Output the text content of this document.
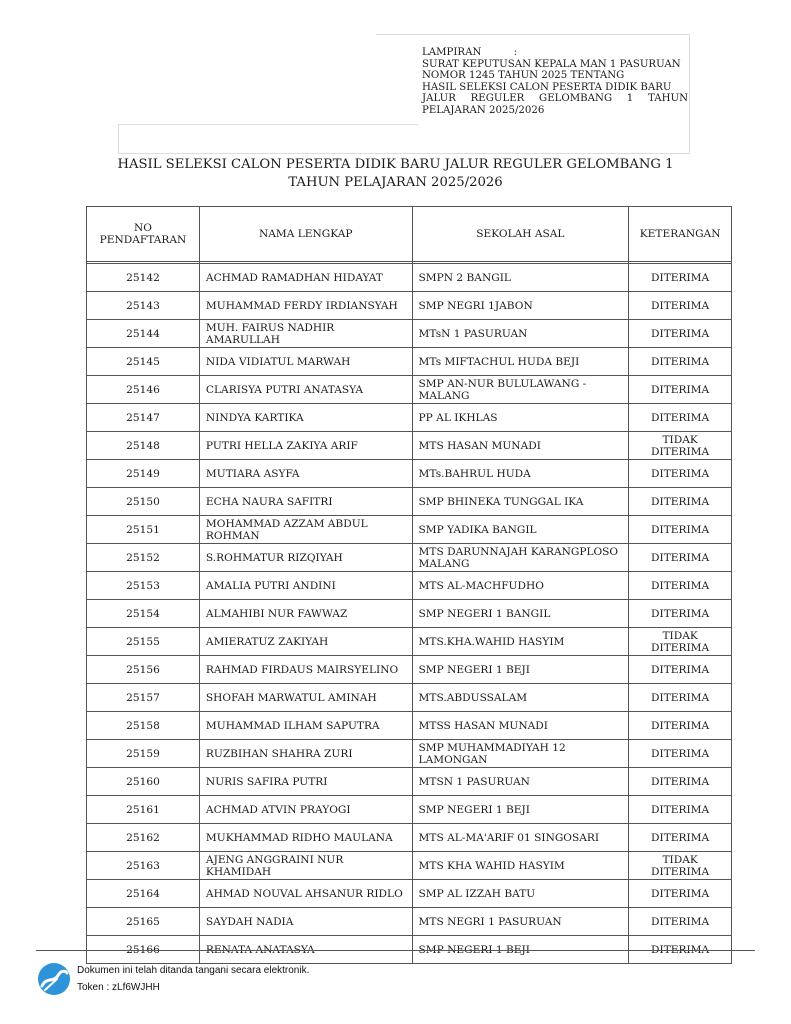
LAMPIRAN          :
SURAT KEPUTUSAN KEPALA MAN 1 PASURUAN
NOMOR 1245 TAHUN 2025 TENTANG
HASIL SELEKSI CALON PESERTA DIDIK BARU
JALUR REGULER GELOMBANG 1 TAHUN
PELAJARAN 2025/2026
HASIL SELEKSI CALON PESERTA DIDIK BARU JALUR REGULER GELOMBANG 1
TAHUN PELAJARAN 2025/2026
NO
PENDAFTARAN	NAMA LENGKAP	SEKOLAH ASAL	KETERANGAN

25142	ACHMAD RAMADHAN HIDAYAT	SMPN 2 BANGIL	DITERIMA
25143	MUHAMMAD FERDY IRDIANSYAH	SMP NEGRI 1JABON	DITERIMA
25144	MUH. FAIRUS NADHIR AMARULLAH	MTsN 1 PASURUAN	DITERIMA
25145	NIDA VIDIATUL MARWAH	MTs MIFTACHUL HUDA BEJI	DITERIMA
25146	CLARISYA PUTRI ANATASYA	SMP AN-NUR BULULAWANG - MALANG	DITERIMA
25147	NINDYA KARTIKA	PP AL IKHLAS	DITERIMA
25148	PUTRI HELLA ZAKIYA ARIF	MTS HASAN MUNADI	TIDAK DITERIMA
25149	MUTIARA ASYFA	MTs.BAHRUL HUDA	DITERIMA
25150	ECHA NAURA SAFITRI	SMP BHINEKA TUNGGAL IKA	DITERIMA
25151	MOHAMMAD AZZAM ABDUL ROHMAN	SMP YADIKA BANGIL	DITERIMA
25152	S.ROHMATUR RIZQIYAH	MTS DARUNNAJAH KARANGPLOSO MALANG	DITERIMA
25153	AMALIA PUTRI ANDINI	MTS AL-MACHFUDHO	DITERIMA
25154	ALMAHIBI NUR FAWWAZ	SMP NEGERI 1 BANGIL	DITERIMA
25155	AMIERATUZ ZAKIYAH	MTS.KHA.WAHID HASYIM	TIDAK DITERIMA
25156	RAHMAD FIRDAUS MAIRSYELINO	SMP NEGERI 1 BEJI	DITERIMA
25157	SHOFAH MARWATUL AMINAH	MTS.ABDUSSALAM	DITERIMA
25158	MUHAMMAD ILHAM SAPUTRA	MTSS HASAN MUNADI	DITERIMA
25159	RUZBIHAN SHAHRA ZURI	SMP MUHAMMADIYAH 12 LAMONGAN	DITERIMA
25160	NURIS SAFIRA PUTRI	MTSN 1 PASURUAN	DITERIMA
25161	ACHMAD ATVIN PRAYOGI	SMP NEGERI 1 BEJI	DITERIMA
25162	MUKHAMMAD RIDHO MAULANA	MTS AL-MA'ARIF 01 SINGOSARI	DITERIMA
25163	AJENG ANGGRAINI NUR KHAMIDAH	MTS KHA WAHID HASYIM	TIDAK DITERIMA
25164	AHMAD NOUVAL AHSANUR RIDLO	SMP AL IZZAH BATU	DITERIMA
25165	SAYDAH NADIA	MTS NEGRI 1 PASURUAN	DITERIMA
25166	RENATA ANATASYA	SMP NEGERI 1 BEJI	DITERIMA
Dokumen ini telah ditanda tangani secara elektronik.
Token : zLf6WJHH
